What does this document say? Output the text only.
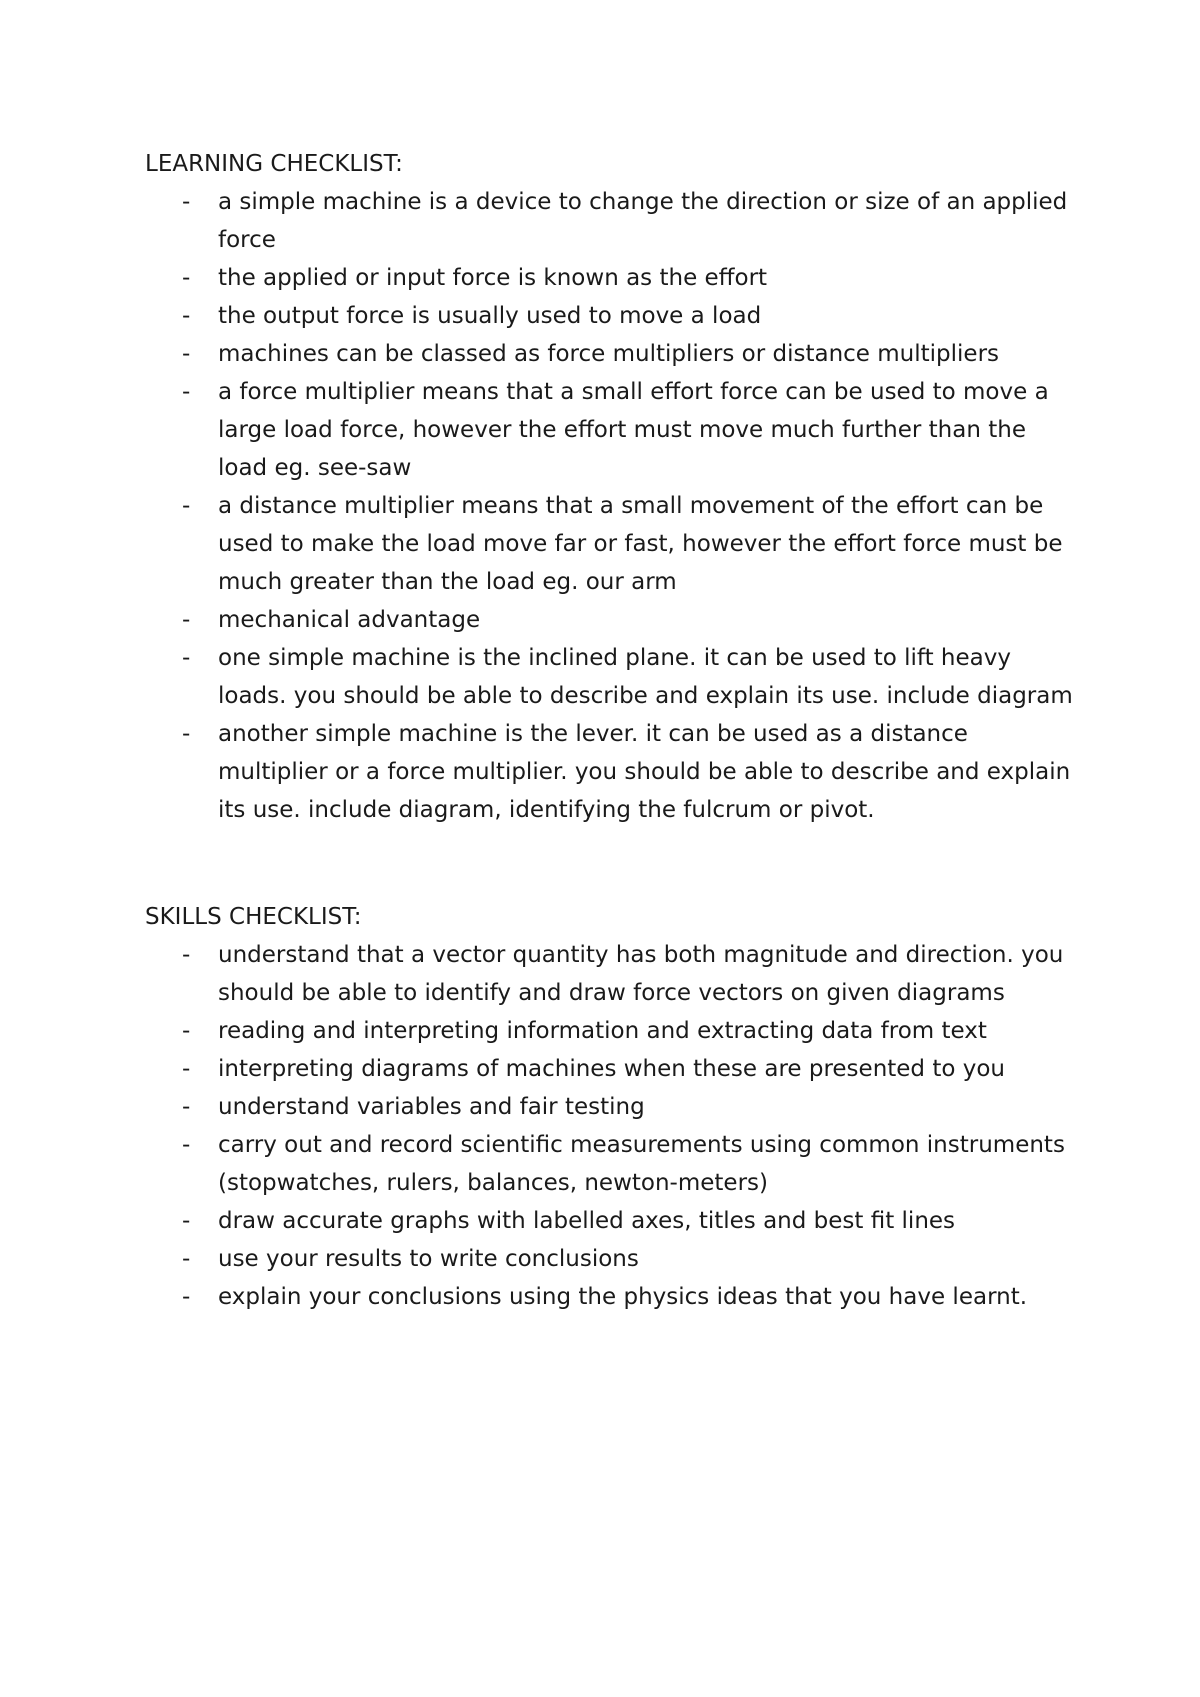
LEARNING CHECKLIST:
- a simple machine is a device to change the direction or size of an applied force
- the applied or input force is known as the effort
- the output force is usually used to move a load
- machines can be classed as force multipliers or distance multipliers
- a force multiplier means that a small effort force can be used to move a large load force, however the effort must move much further than the load eg. see-saw
- a distance multiplier means that a small movement of the effort can be used to make the load move far or fast, however the effort force must be much greater than the load eg. our arm
- mechanical advantage
- one simple machine is the inclined plane. it can be used to lift heavy loads. you should be able to describe and explain its use. include diagram
- another simple machine is the lever. it can be used as a distance multiplier or a force multiplier. you should be able to describe and explain its use. include diagram, identifying the fulcrum or pivot.
SKILLS CHECKLIST:
- understand that a vector quantity has both magnitude and direction. you should be able to identify and draw force vectors on given diagrams
- reading and interpreting information and extracting data from text
- interpreting diagrams of machines when these are presented to you
- understand variables and fair testing
- carry out and record scientific measurements using common instruments (stopwatches, rulers, balances, newton-meters)
- draw accurate graphs with labelled axes, titles and best fit lines
- use your results to write conclusions
- explain your conclusions using the physics ideas that you have learnt.
